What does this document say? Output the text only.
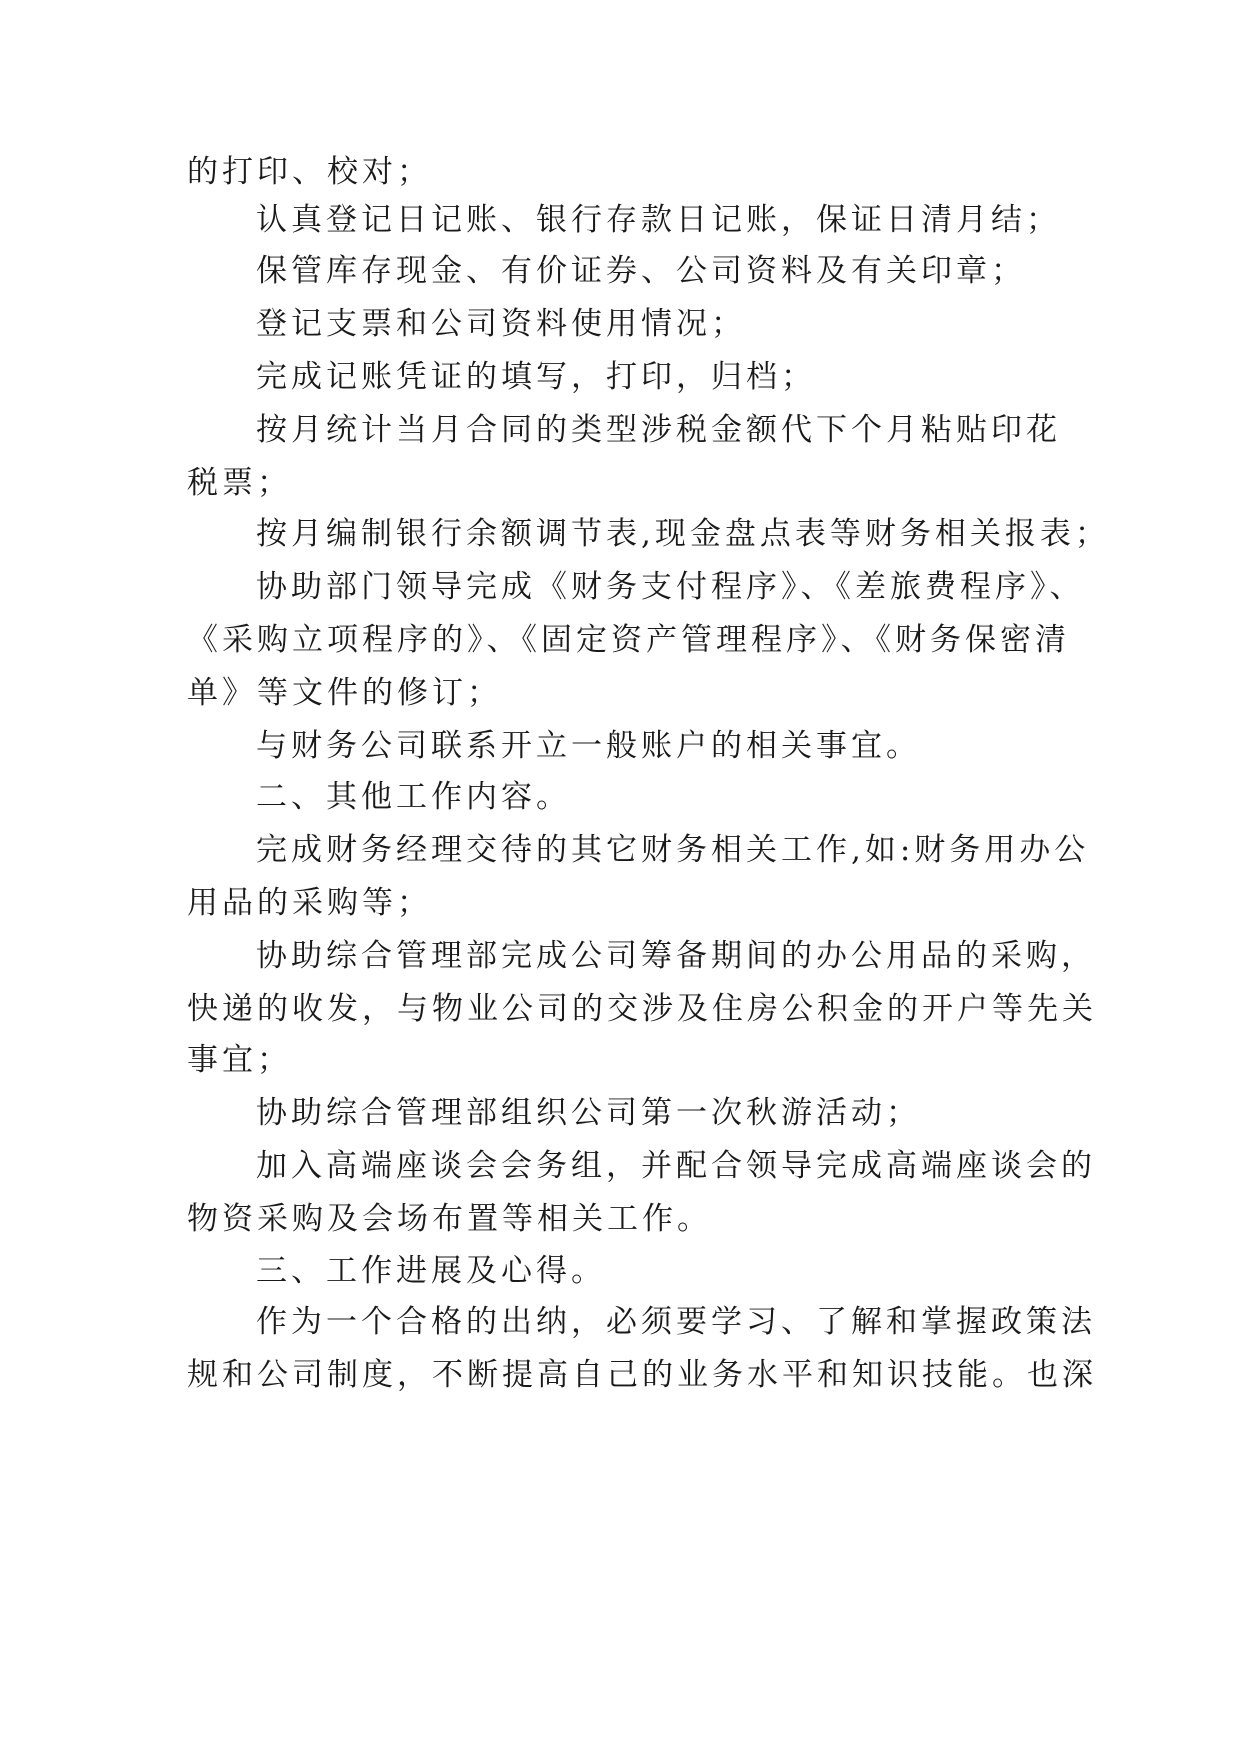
的打印、校对；
认真登记日记账、银行存款日记账，保证日清月结；
保管库存现金、有价证券、公司资料及有关印章；
登记支票和公司资料使用情况；
完成记账凭证的填写，打印，归档；
按月统计当月合同的类型涉税金额代下个月粘贴印花
税票；
按月编制银行余额调节表,现金盘点表等财务相关报表；
协助部门领导完成《财务支付程序》、《差旅费程序》、
《采购立项程序的》、《固定资产管理程序》、《财务保密清
单》等文件的修订；
与财务公司联系开立一般账户的相关事宜。
二、其他工作内容。
完成财务经理交待的其它财务相关工作,如:财务用办公
用品的采购等；
协助综合管理部完成公司筹备期间的办公用品的采购，
快递的收发，与物业公司的交涉及住房公积金的开户等先关
事宜；
协助综合管理部组织公司第一次秋游活动；
加入高端座谈会会务组，并配合领导完成高端座谈会的
物资采购及会场布置等相关工作。
三、工作进展及心得。
作为一个合格的出纳，必须要学习、了解和掌握政策法
规和公司制度，不断提高自己的业务水平和知识技能。也深
